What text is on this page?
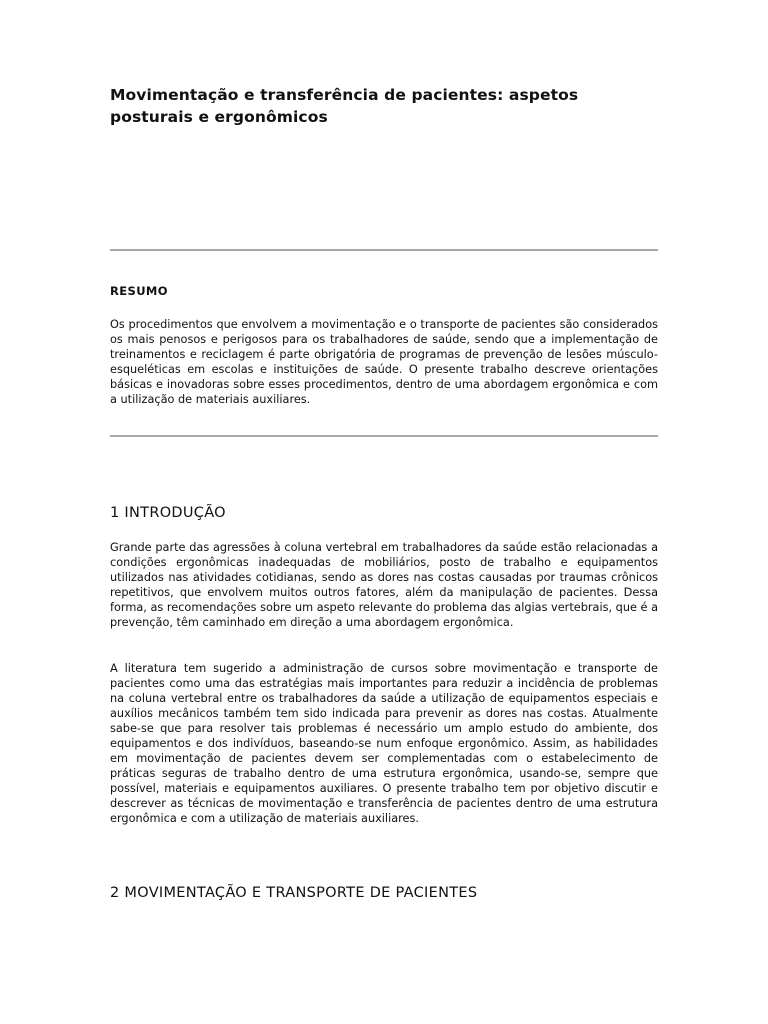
Movimentação e transferência de pacientes: aspetos posturais e ergonômicos
RESUMO

Os procedimentos que envolvem a movimentação e o transporte de pacientes são considerados os mais penosos e perigosos para os trabalhadores de saúde, sendo que a implementação de treinamentos e reciclagem é parte obrigatória de programas de prevenção de lesões músculo-esqueléticas em escolas e instituições de saúde. O presente trabalho descreve orientações básicas e inovadoras sobre esses procedimentos, dentro de uma abordagem ergonômica e com a utilização de materiais auxiliares.

1 INTRODUÇÃO

Grande parte das agressões à coluna vertebral em trabalhadores da saúde estão relacionadas a condições ergonômicas inadequadas de mobiliários, posto de trabalho e equipamentos utilizados nas atividades cotidianas, sendo as dores nas costas causadas por traumas crônicos repetitivos, que envolvem muitos outros fatores, além da manipulação de pacientes. Dessa forma, as recomendações sobre um aspeto relevante do problema das algias vertebrais, que é a prevenção, têm caminhado em direção a uma abordagem ergonômica.

A literatura tem sugerido a administração de cursos sobre movimentação e transporte de pacientes como uma das estratégias mais importantes para reduzir a incidência de problemas na coluna vertebral entre os trabalhadores da saúde a utilização de equipamentos especiais e auxílios mecânicos também tem sido indicada para prevenir as dores nas costas. Atualmente sabe-se que para resolver tais problemas é necessário um amplo estudo do ambiente, dos equipamentos e dos indivíduos, baseando-se num enfoque ergonômico. Assim, as habilidades em movimentação de pacientes devem ser complementadas com o estabelecimento de práticas seguras de trabalho dentro de uma estrutura ergonômica, usando-se, sempre que possível, materiais e equipamentos auxiliares. O presente trabalho tem por objetivo discutir e descrever as técnicas de movimentação e transferência de pacientes dentro de uma estrutura ergonômica e com a utilização de materiais auxiliares.

2 MOVIMENTAÇÃO E TRANSPORTE DE PACIENTES
